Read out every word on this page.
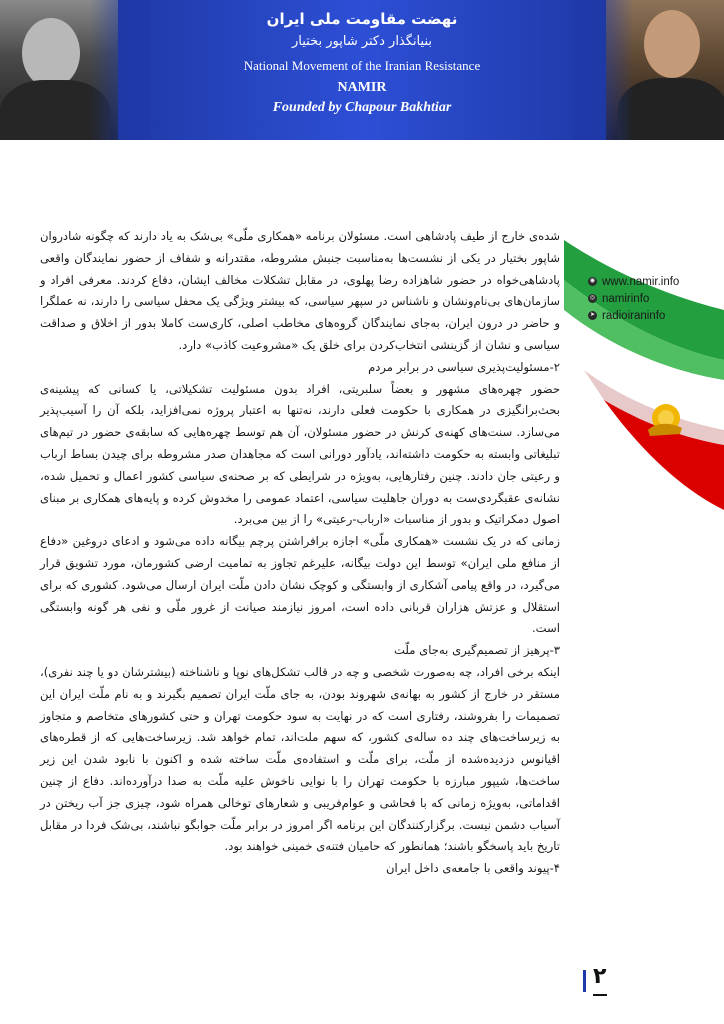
نهضت مقاومت ملی ایران
بنیانگذار دکتر شاپور بختیار
National Movement of the Iranian Resistance
NAMIR
Founded by Chapour Bakhtiar
◉ www.namir.info
◎ namirinfo
➤ radioiraninfo

شده‌ی خارج از طیف پادشاهی است. مسئولان برنامه «همکاری ملّی» بی‌شک به یاد دارند که چگونه شادروان شاپور بختیار در یکی از نشست‌ها به‌مناسبت جنبش مشروطه، مقتدرانه و شفاف از حضور نمایندگان واقعی پادشاهی‌خواه در حضور شاهزاده رضا پهلوی، در مقابل تشکلات مخالف ایشان، دفاع کردند. معرفی افراد و سازمان‌های بی‌نام‌ونشان و ناشناس در سپهر سیاسی، که بیشتر ویژگی یک محفل سیاسی را دارند، نه عملگرا و حاضر در درون ایران، به‌جای نمایندگان گروه‌های مخاطب اصلی، کاری‌ست کاملا بدور از اخلاق و صداقت سیاسی و نشان از گزینشی انتخاب‌کردن برای خلق یک «مشروعیت کاذب» دارد.

۲-مسئولیت‌پذیری سیاسی در برابر مردم

حضور چهره‌های مشهور و بعضاً سلبریتی، افراد بدون مسئولیت تشکیلاتی، یا کسانی که پیشینه‌ی بحث‌برانگیزی در همکاری با حکومت فعلی دارند، نه‌تنها به اعتبار پروژه نمی‌افزاید، بلکه آن را آسیب‌پذیر می‌سازد. سنت‌های کهنه‌ی کرنش در حضور مسئولان، آن هم توسط چهره‌هایی که سابقه‌ی حضور در تیم‌های تبلیغاتی وابسته به حکومت داشته‌اند، یادآور دورانی است که مجاهدان صدر مشروطه برای چیدن بساط ارباب و رعیتی جان دادند. چنین رفتارهایی، به‌ویژه در شرایطی که بر صحنه‌ی سیاسی کشور اعمال و تحمیل شده، نشانه‌ی عقبگردی‌ست به دوران جاهلیت سیاسی، اعتماد عمومی را مخدوش کرده و پایه‌های همکاری بر مبنای اصول دمکراتیک و بدور از مناسبات «ارباب-رعیتی» را از بین می‌برد.

زمانی که در یک نشست «همکاری ملّی» اجازه برافراشتن پرچم بیگانه داده می‌شود و ادعای دروغین «دفاع از منافع ملی ایران» توسط این دولت بیگانه، علیرغم تجاوز به تمامیت ارضی کشورمان، مورد تشویق قرار می‌گیرد، در واقع پیامی آشکاری از وابستگی و کوچک نشان دادن ملّت ایران ارسال می‌شود. کشوری که برای استقلال و عزتش هزاران قربانی داده است، امروز نیازمند صیانت از غرور ملّی و نفی هر گونه وابستگی است.

۳-پرهیز از تصمیم‌گیری به‌جای ملّت

اینکه برخی افراد، چه به‌صورت شخصی و چه در قالب تشکل‌های نوپا و ناشناخته (بیشترشان دو یا چند نفری)، مستقر در خارج از کشور به بهانه‌ی شهروند بودن، به جای ملّت ایران تصمیم بگیرند و به نام ملّت ایران این تصمیمات را بفروشند، رفتاری است که در نهایت به سود حکومت تهران و حتی کشورهای متخاصم و متجاوز به زیرساخت‌های چند ده ساله‌ی کشور، که سهم ملت‌اند، تمام خواهد شد. زیرساخت‌هایی که از قطره‌های اقیانوس دزدیده‌شده از ملّت، برای ملّت و استفاده‌ی ملّت ساخته شده و اکنون با نابود شدن این زیر ساخت‌ها، شیپور مبارزه با حکومت تهران را با نوایی ناخوش علیه ملّت به صدا درآورده‌اند. دفاع از چنین اقداماتی، به‌ویژه زمانی که با فحاشی و عوام‌فریبی و شعارهای توخالی همراه شود، چیزی جز آب ریختن در آسیاب دشمن نیست. برگزارکنندگان این برنامه اگر امروز در برابر ملّت جوابگو نباشند، بی‌شک فردا در مقابل تاریخ باید پاسخگو باشند؛ همانطور که حامیان فتنه‌ی خمینی خواهند بود.

۴-پیوند واقعی با جامعه‌ی داخل ایران

۲
